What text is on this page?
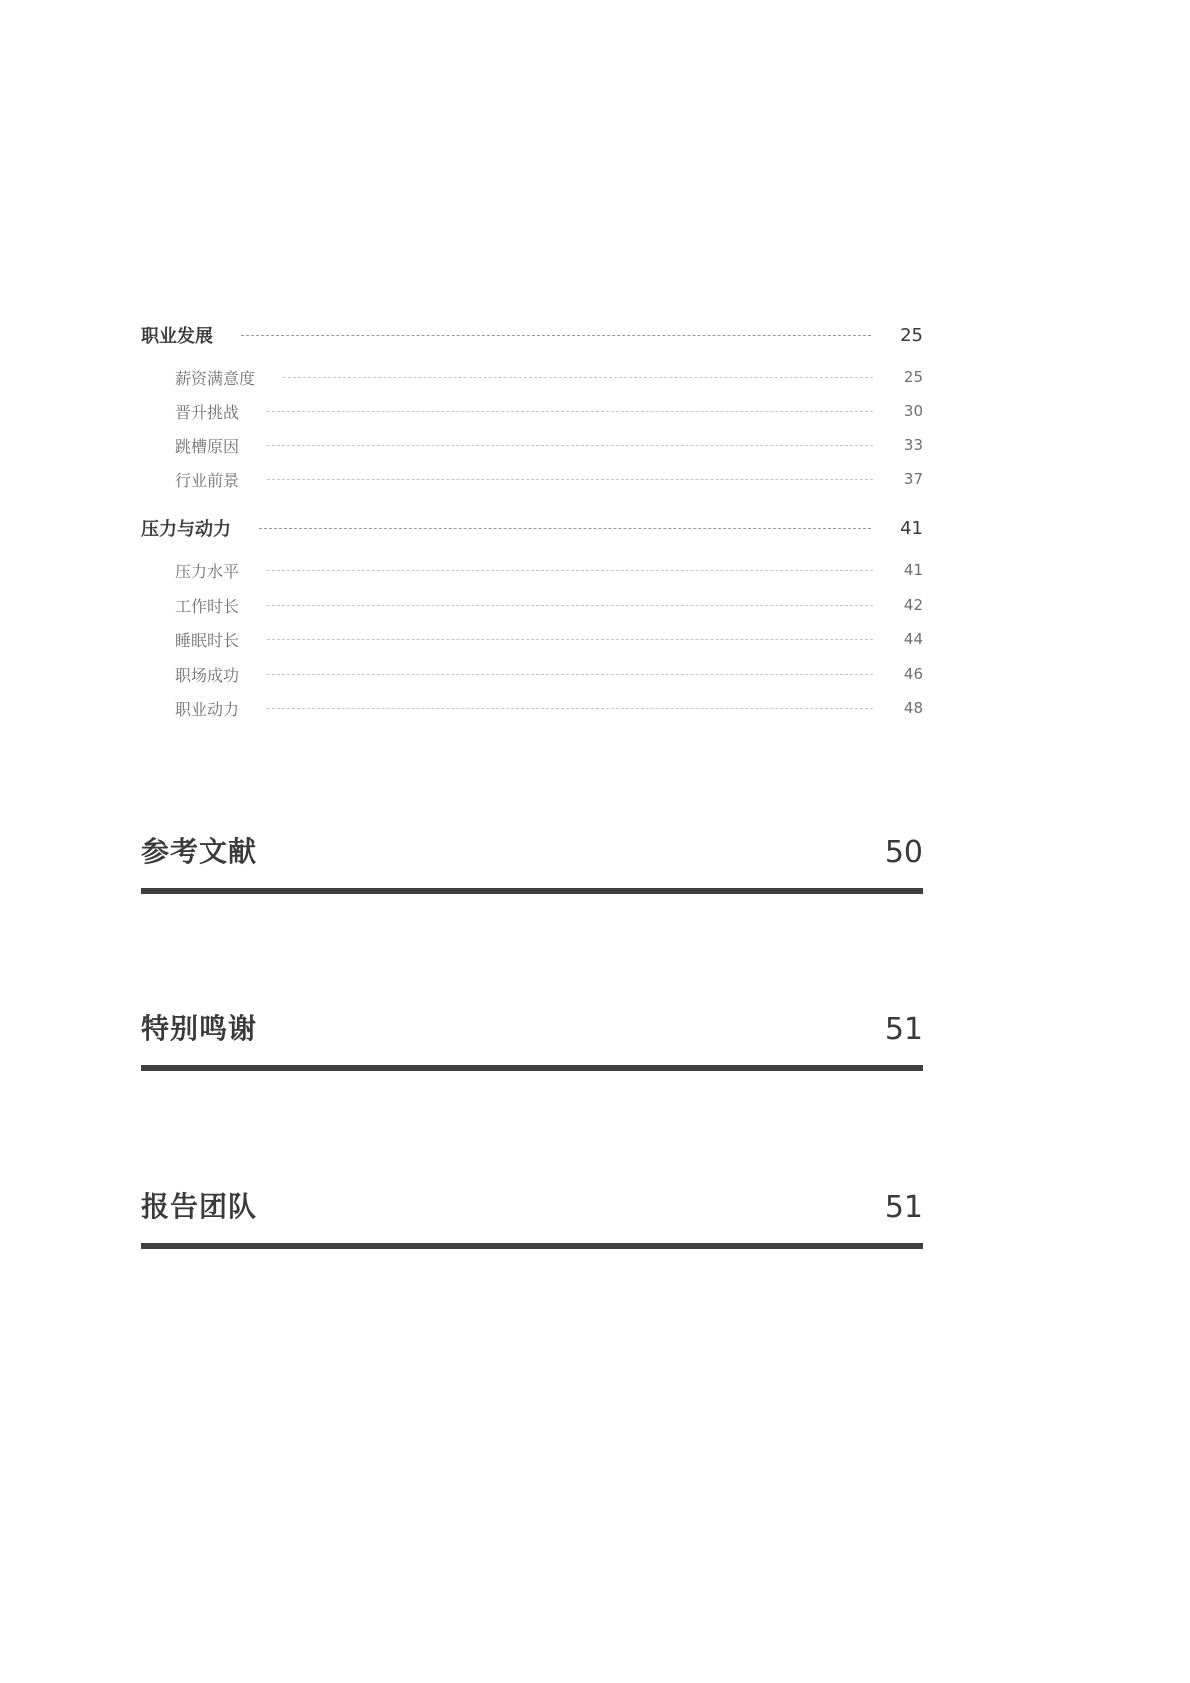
职业发展	25
薪资满意度	25
晋升挑战	30
跳槽原因	33
行业前景	37
压力与动力	41
压力水平	41
工作时长	42
睡眠时长	44
职场成功	46
职业动力	48
参考文献	50
特别鸣谢	51
报告团队	51
